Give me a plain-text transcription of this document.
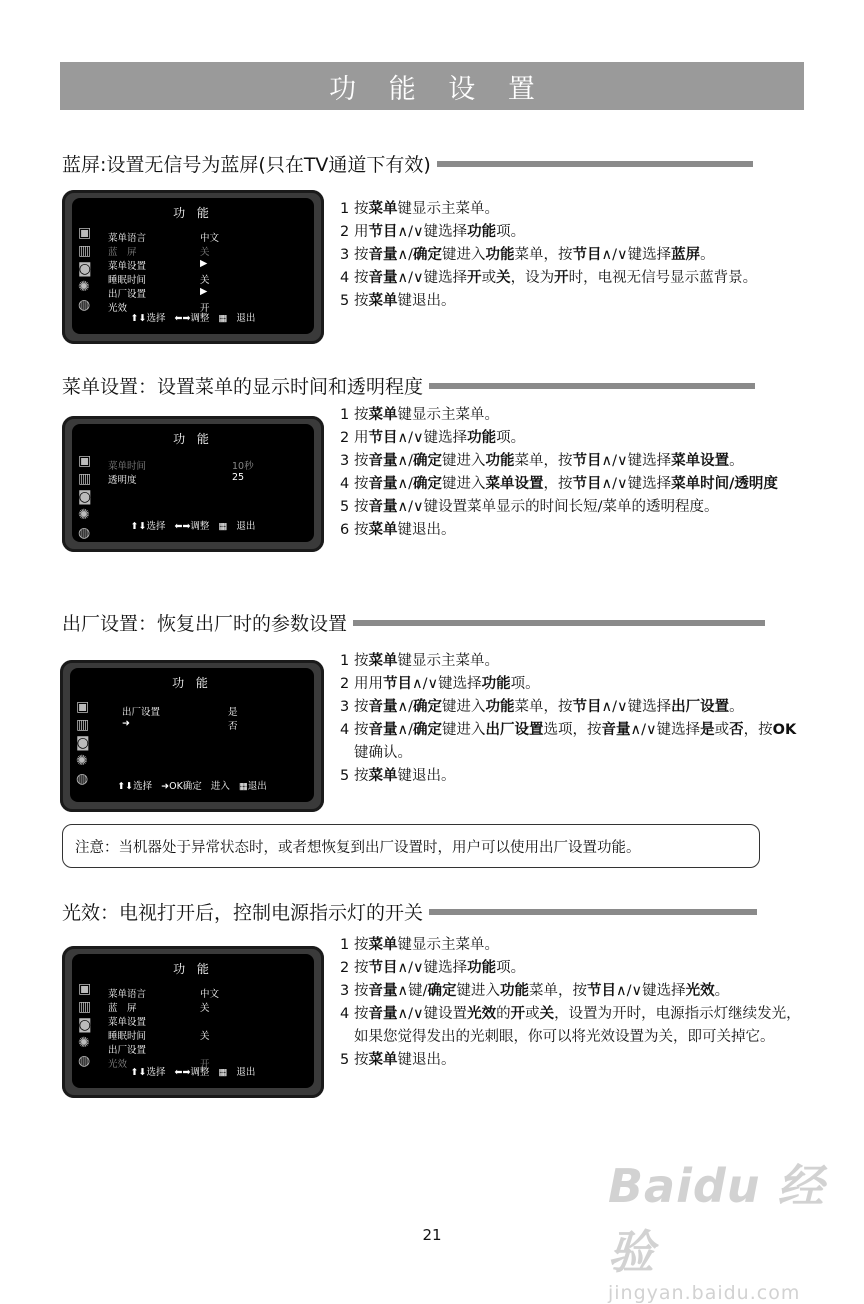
功 能 设 置
蓝屏:设置无信号为蓝屏(只在TV通道下有效)
功 能
▣
▥
◙
✺
◍
菜单语言	中文
蓝　屏	关
菜单设置	▶
睡眠时间	关
出厂设置	▶
光效	开
⬆⬇选择 ⬅➡调整 ▦ 退出
1 按菜单键显示主菜单。
2 用节目∧/∨键选择功能项。
3 按音量∧/确定键进入功能菜单，按节目∧/∨键选择蓝屏。
4 按音量∧/∨键选择开或关，设为开时，电视无信号显示蓝背景。
5 按菜单键退出。
菜单设置：设置菜单的显示时间和透明程度
功 能
▣
▥
◙
✺
◍
菜单时间	10秒
透明度	25
⬆⬇选择 ⬅➡调整 ▦ 退出
1 按菜单键显示主菜单。
2 用节目∧/∨键选择功能项。
3 按音量∧/确定键进入功能菜单，按节目∧/∨键选择菜单设置。
4 按音量∧/确定键进入菜单设置，按节目∧/∨键选择菜单时间/透明度
5 按音量∧/∨键设置菜单显示的时间长短/菜单的透明程度。
6 按菜单键退出。
出厂设置：恢复出厂时的参数设置
功 能
▣
▥
◙
✺
◍
出厂设置	是
➜	否
⬆⬇选择 ➜OK确定 进入 ▦退出
1 按菜单键显示主菜单。
2 用用节目∧/∨键选择功能项。
3 按音量∧/确定键进入功能菜单，按节目∧/∨键选择出厂设置。
4 按音量∧/确定键进入出厂设置选项，按音量∧/∨键选择是或否，按OK键确认。
5 按菜单键退出。
光效：电视打开后，控制电源指示灯的开关
功 能
▣
▥
◙
✺
◍
菜单语言	中文
蓝　屏	关
菜单设置
睡眠时间	关
出厂设置
光效	开
⬆⬇选择 ⬅➡调整 ▦ 退出
1 按菜单键显示主菜单。
2 按节目∧/∨键选择功能项。
3 按音量∧键/确定键进入功能菜单，按节目∧/∨键选择光效。
4 按音量∧/∨键设置光效的开或关，设置为开时，电源指示灯继续发光，如果您觉得发出的光刺眼，你可以将光效设置为关，即可关掉它。
5 按菜单键退出。
注意：当机器处于异常状态时，或者想恢复到出厂设置时，用户可以使用出厂设置功能。
21
Baidu 经验
jingyan.baidu.com
